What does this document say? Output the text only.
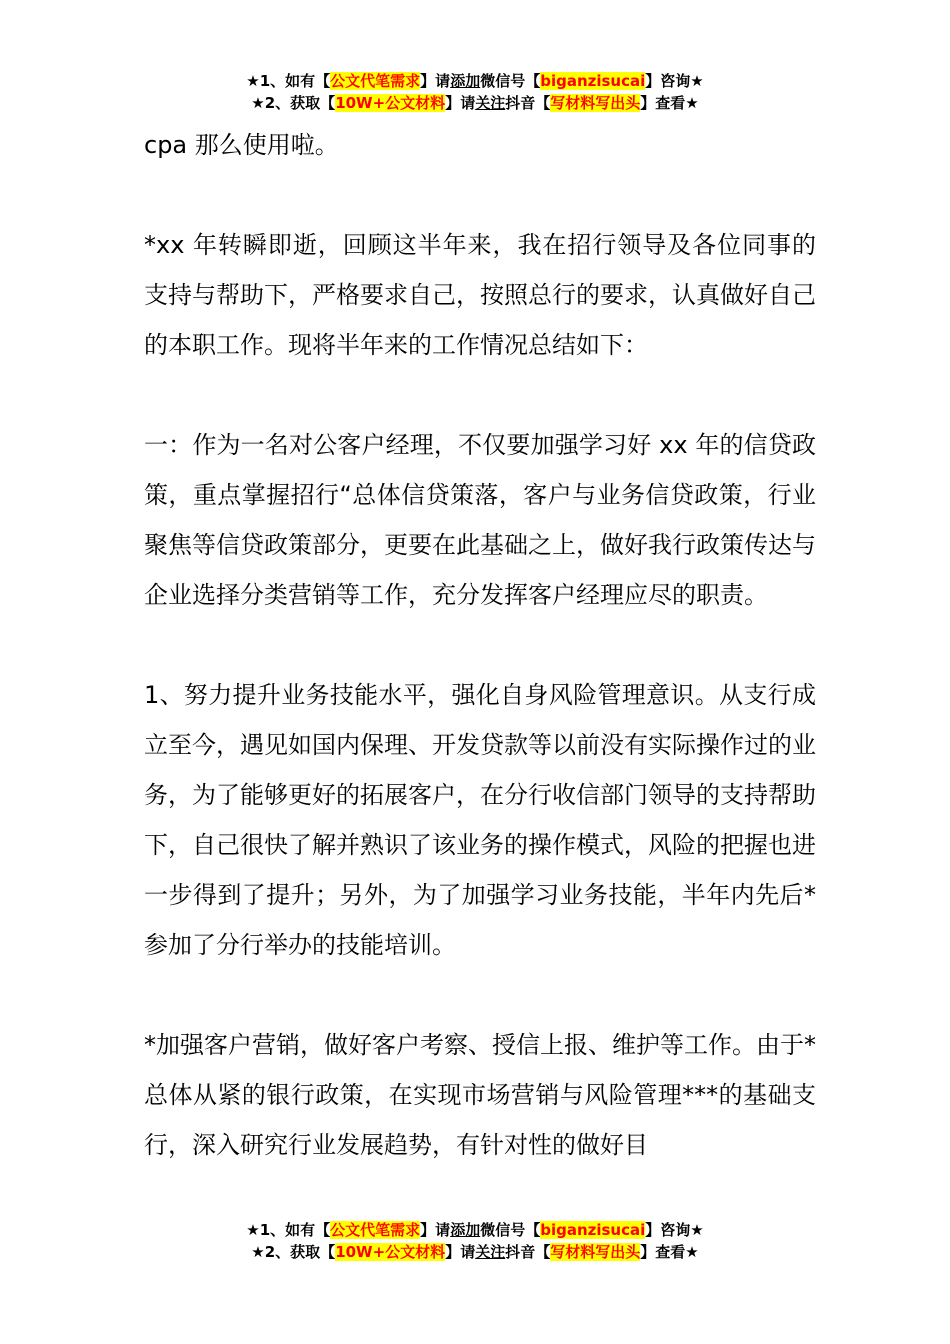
★1、如有【公文代笔需求】请添加微信号【biganzisucai】咨询★
★2、获取【10W+公文材料】请关注抖音【写材料写出头】查看★

cpa 那么使用啦。

*xx 年转瞬即逝，回顾这半年来，我在招行领导及各位同事的支持与帮助下，严格要求自己，按照总行的要求，认真做好自己的本职工作。现将半年来的工作情况总结如下：

一：作为一名对公客户经理，不仅要加强学习好 xx 年的信贷政策，重点掌握招行“总体信贷策落，客户与业务信贷政策，行业聚焦等信贷政策部分，更要在此基础之上，做好我行政策传达与企业选择分类营销等工作，充分发挥客户经理应尽的职责。

1、努力提升业务技能水平，强化自身风险管理意识。从支行成立至今，遇见如国内保理、开发贷款等以前没有实际操作过的业务，为了能够更好的拓展客户，在分行收信部门领导的支持帮助下，自己很快了解并熟识了该业务的操作模式，风险的把握也进一步得到了提升；另外，为了加强学习业务技能，半年内先后*参加了分行举办的技能培训。

*加强客户营销，做好客户考察、授信上报、维护等工作。由于*总体从紧的银行政策，在实现市场营销与风险管理***的基础支行，深入研究行业发展趋势，有针对性的做好目

★1、如有【公文代笔需求】请添加微信号【biganzisucai】咨询★
★2、获取【10W+公文材料】请关注抖音【写材料写出头】查看★
